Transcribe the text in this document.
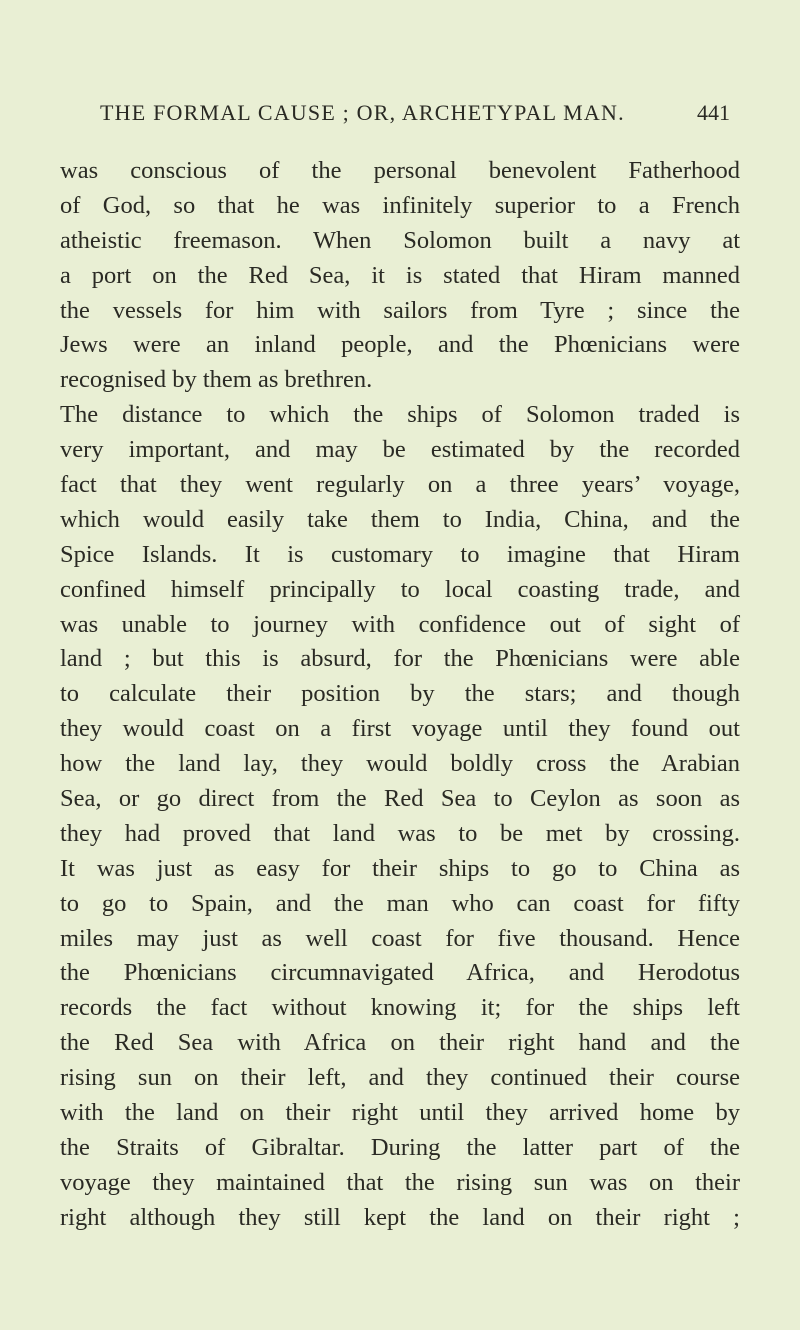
THE FORMAL CAUSE ; OR, ARCHETYPAL MAN.	441
was conscious of the personal benevolent Fatherhood
of God, so that he was infinitely superior to a French
atheistic freemason. When Solomon built a navy at
a port on the Red Sea, it is stated that Hiram manned
the vessels for him with sailors from Tyre ; since the
Jews were an inland people, and the Phœnicians were
recognised by them as brethren.
The distance to which the ships of Solomon traded is
very important, and may be estimated by the recorded
fact that they went regularly on a three years’ voyage,
which would easily take them to India, China, and the
Spice Islands. It is customary to imagine that Hiram
confined himself principally to local coasting trade, and
was unable to journey with confidence out of sight of
land ; but this is absurd, for the Phœnicians were able
to calculate their position by the stars; and though
they would coast on a first voyage until they found out
how the land lay, they would boldly cross the Arabian
Sea, or go direct from the Red Sea to Ceylon as soon as
they had proved that land was to be met by crossing.
It was just as easy for their ships to go to China as
to go to Spain, and the man who can coast for fifty
miles may just as well coast for five thousand. Hence
the Phœnicians circumnavigated Africa, and Herodotus
records the fact without knowing it; for the ships left
the Red Sea with Africa on their right hand and the
rising sun on their left, and they continued their course
with the land on their right until they arrived home by
the Straits of Gibraltar. During the latter part of the
voyage they maintained that the rising sun was on their
right although they still kept the land on their right ;
